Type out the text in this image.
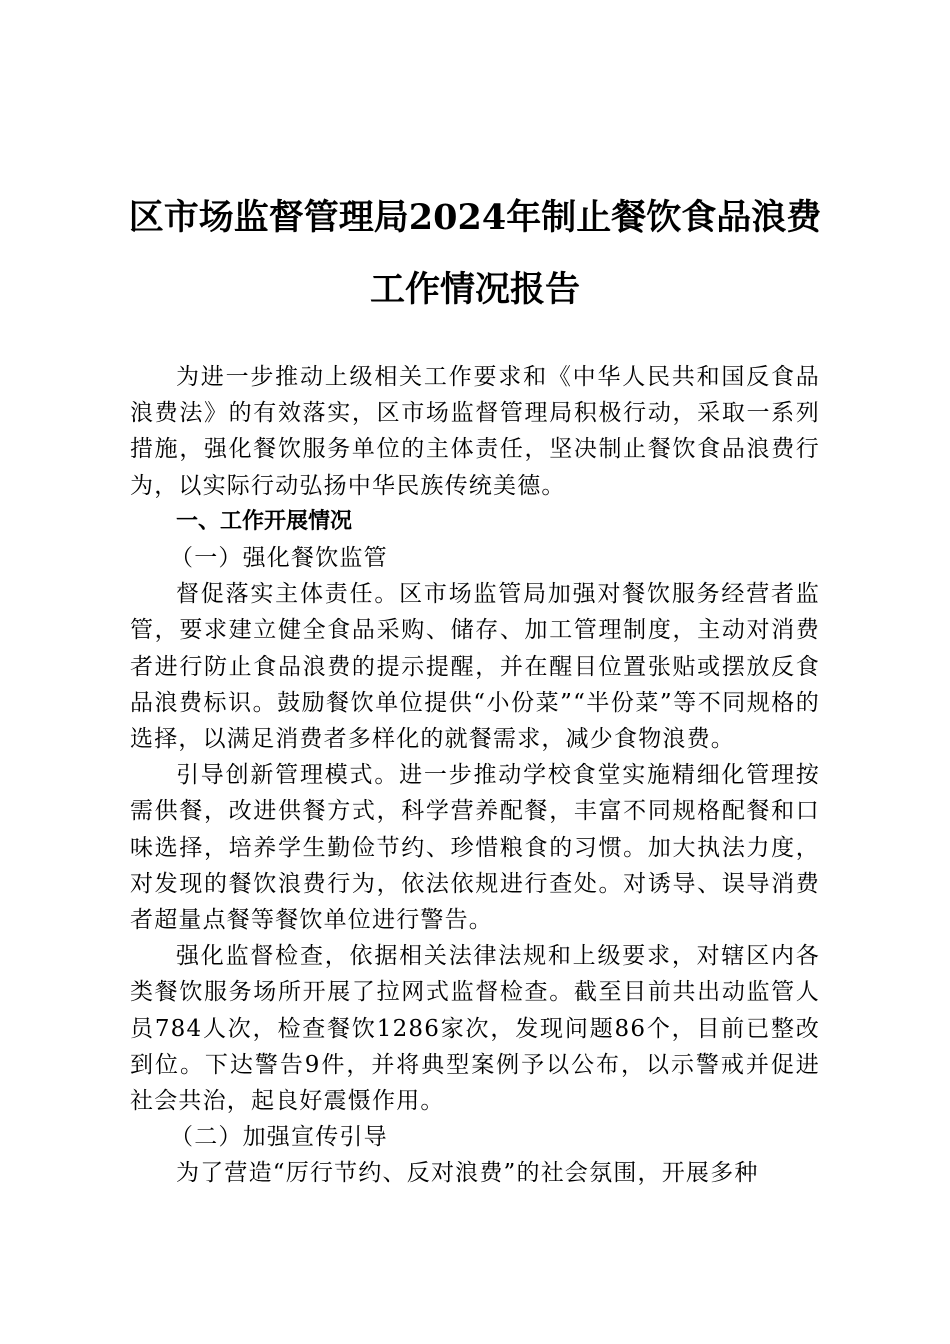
区市场监督管理局2024年制止餐饮食品浪费
工作情况报告

为进一步推动上级相关工作要求和《中华人民共和国反食品浪费法》的有效落实，区市场监督管理局积极行动，采取一系列措施，强化餐饮服务单位的主体责任，坚决制止餐饮食品浪费行为，以实际行动弘扬中华民族传统美德。

一、工作开展情况

（一）强化餐饮监管

督促落实主体责任。区市场监管局加强对餐饮服务经营者监管，要求建立健全食品采购、储存、加工管理制度，主动对消费者进行防止食品浪费的提示提醒，并在醒目位置张贴或摆放反食品浪费标识。鼓励餐饮单位提供“小份菜”“半份菜”等不同规格的选择，以满足消费者多样化的就餐需求，减少食物浪费。

引导创新管理模式。进一步推动学校食堂实施精细化管理按需供餐，改进供餐方式，科学营养配餐，丰富不同规格配餐和口味选择，培养学生勤俭节约、珍惜粮食的习惯。加大执法力度，对发现的餐饮浪费行为，依法依规进行查处。对诱导、误导消费者超量点餐等餐饮单位进行警告。

强化监督检查，依据相关法律法规和上级要求，对辖区内各类餐饮服务场所开展了拉网式监督检查。截至目前共出动监管人员784人次，检查餐饮1286家次，发现问题86个，目前已整改到位。下达警告9件，并将典型案例予以公布，以示警戒并促进社会共治，起良好震慑作用。

（二）加强宣传引导

为了营造“厉行节约、反对浪费”的社会氛围，开展多种
